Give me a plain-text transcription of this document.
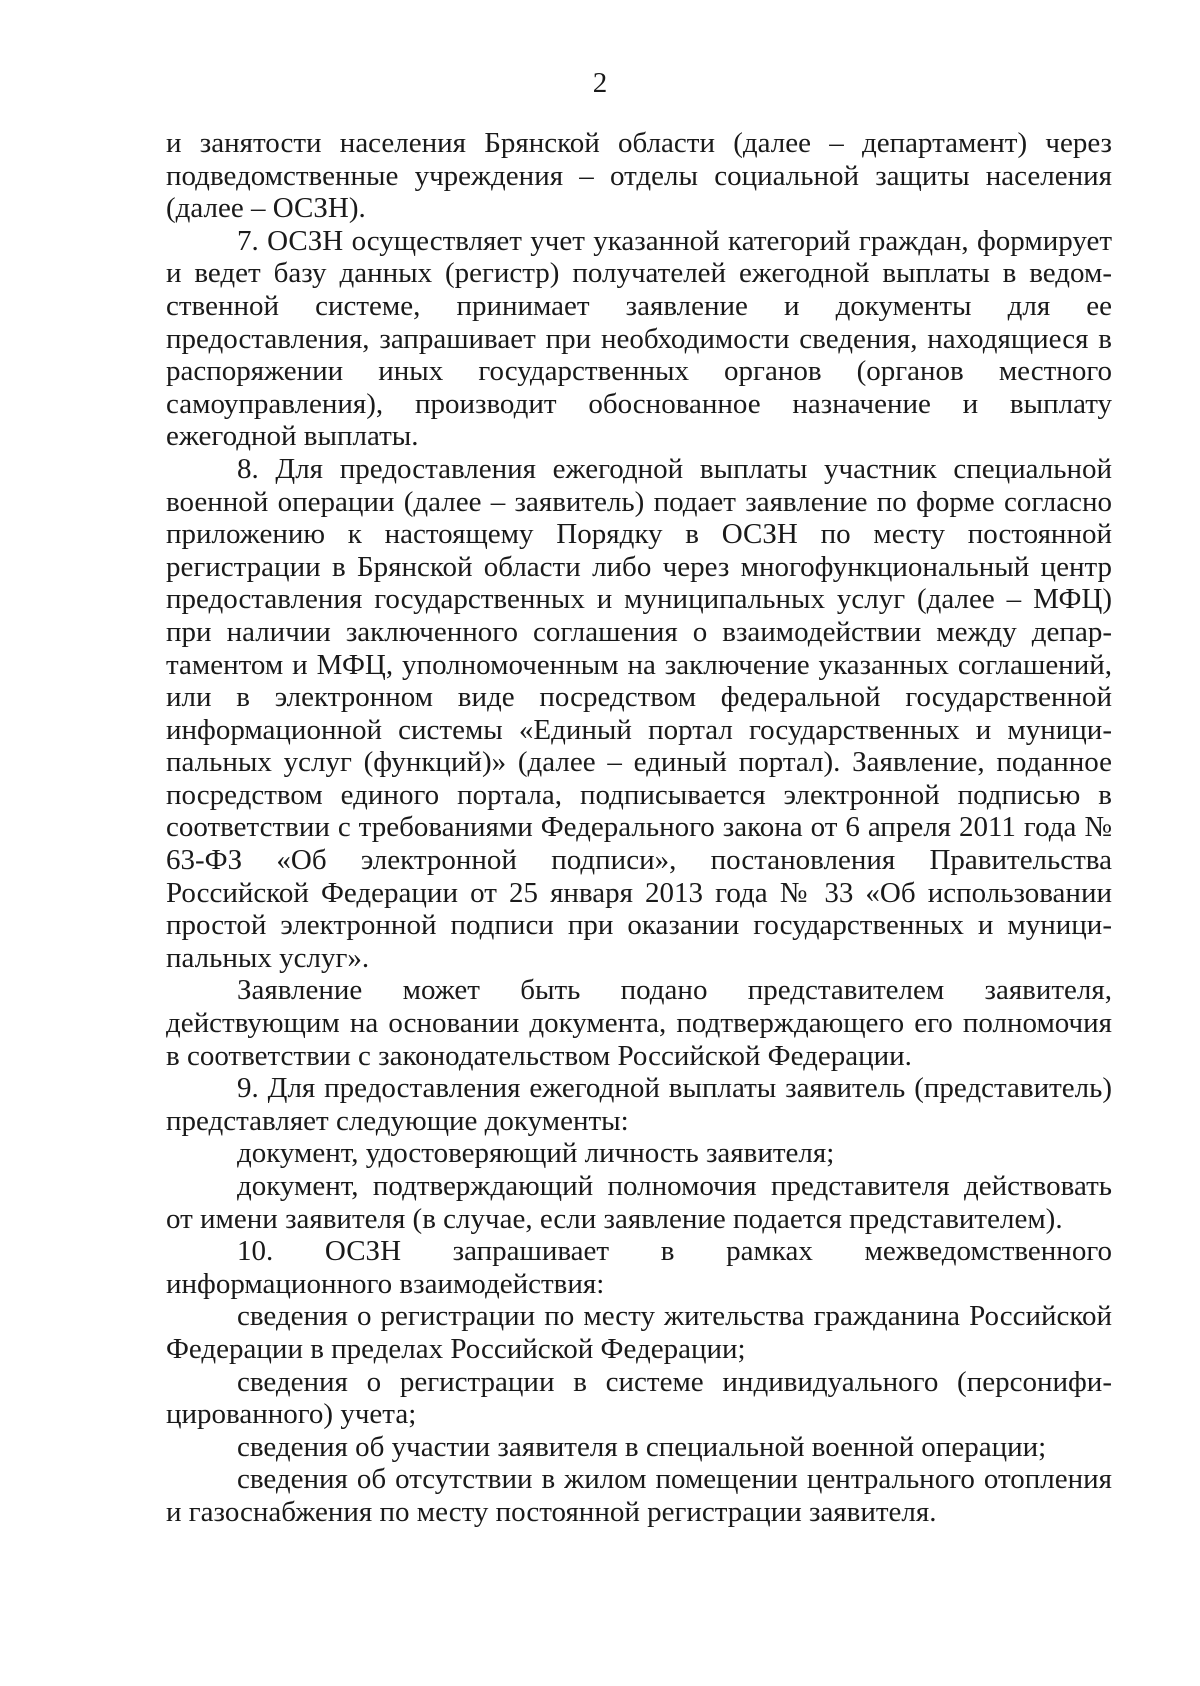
2

и занятости населения Брянской области (далее – департамент) через подведомственные учреждения – отделы социальной защиты населения (далее – ОСЗН).

7. ОСЗН осуществляет учет указанной категорий граждан, формирует и ведет базу данных (регистр) получателей ежегодной выплаты в ведомственной системе, принимает заявление и документы для ее предоставления, запрашивает при необходимости сведения, находящиеся в распоряжении иных государственных органов (органов местного самоуправления), производит обоснованное назначение и выплату ежегодной выплаты.

8. Для предоставления ежегодной выплаты участник специальной военной операции (далее – заявитель) подает заявление по форме согласно приложению к настоящему Порядку в ОСЗН по месту постоянной регистрации в Брянской области либо через многофункциональный центр предоставления государственных и муниципальных услуг (далее – МФЦ) при наличии заключенного соглашения о взаимодействии между департаментом и МФЦ, уполномоченным на заключение указанных соглашений, или в электронном виде посредством федеральной государственной информационной системы «Единый портал государственных и муниципальных услуг (функций)» (далее – единый портал). Заявление, поданное посредством единого портала, подписывается электронной подписью в соответствии с требованиями Федерального закона от 6 апреля 2011 года № 63-ФЗ «Об электронной подписи», постановления Правительства Российской Федерации от 25 января 2013 года № 33 «Об использовании простой электронной подписи при оказании государственных и муниципальных услуг».

Заявление может быть подано представителем заявителя, действующим на основании документа, подтверждающего его полномочия в соответствии с законодательством Российской Федерации.

9. Для предоставления ежегодной выплаты заявитель (представитель) представляет следующие документы:

документ, удостоверяющий личность заявителя;

документ, подтверждающий полномочия представителя действовать от имени заявителя (в случае, если заявление подается представителем).

10. ОСЗН запрашивает в рамках межведомственного информационного взаимодействия:

сведения о регистрации по месту жительства гражданина Российской Федерации в пределах Российской Федерации;

сведения о регистрации в системе индивидуального (персонифицированного) учета;

сведения об участии заявителя в специальной военной операции;

сведения об отсутствии в жилом помещении центрального отопления и газоснабжения по месту постоянной регистрации заявителя.
